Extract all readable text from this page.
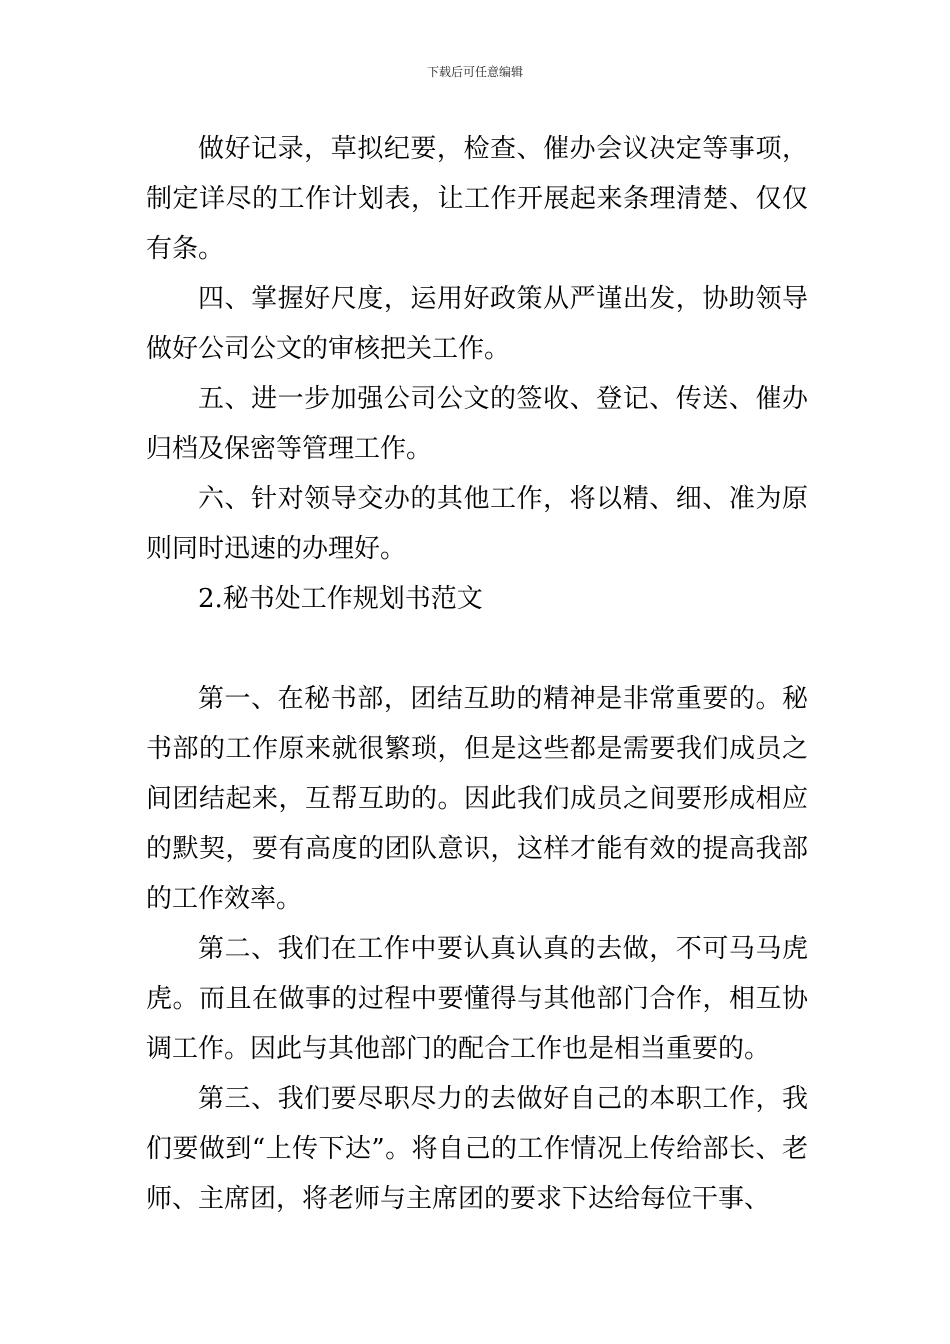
下载后可任意编辑

做好记录，草拟纪要，检查、催办会议决定等事项，制定详尽的工作计划表，让工作开展起来条理清楚、仅仅有条。

四、掌握好尺度，运用好政策从严谨出发，协助领导做好公司公文的审核把关工作。

五、进一步加强公司公文的签收、登记、传送、催办归档及保密等管理工作。

六、针对领导交办的其他工作，将以精、细、准为原则同时迅速的办理好。

2.秘书处工作规划书范文

第一、在秘书部，团结互助的精神是非常重要的。秘书部的工作原来就很繁琐，但是这些都是需要我们成员之间团结起来，互帮互助的。因此我们成员之间要形成相应的默契，要有高度的团队意识，这样才能有效的提高我部的工作效率。

第二、我们在工作中要认真认真的去做，不可马马虎虎。而且在做事的过程中要懂得与其他部门合作，相互协调工作。因此与其他部门的配合工作也是相当重要的。

第三、我们要尽职尽力的去做好自己的本职工作，我们要做到“上传下达”。将自己的工作情况上传给部长、老师、主席团，将老师与主席团的要求下达给每位干事、
